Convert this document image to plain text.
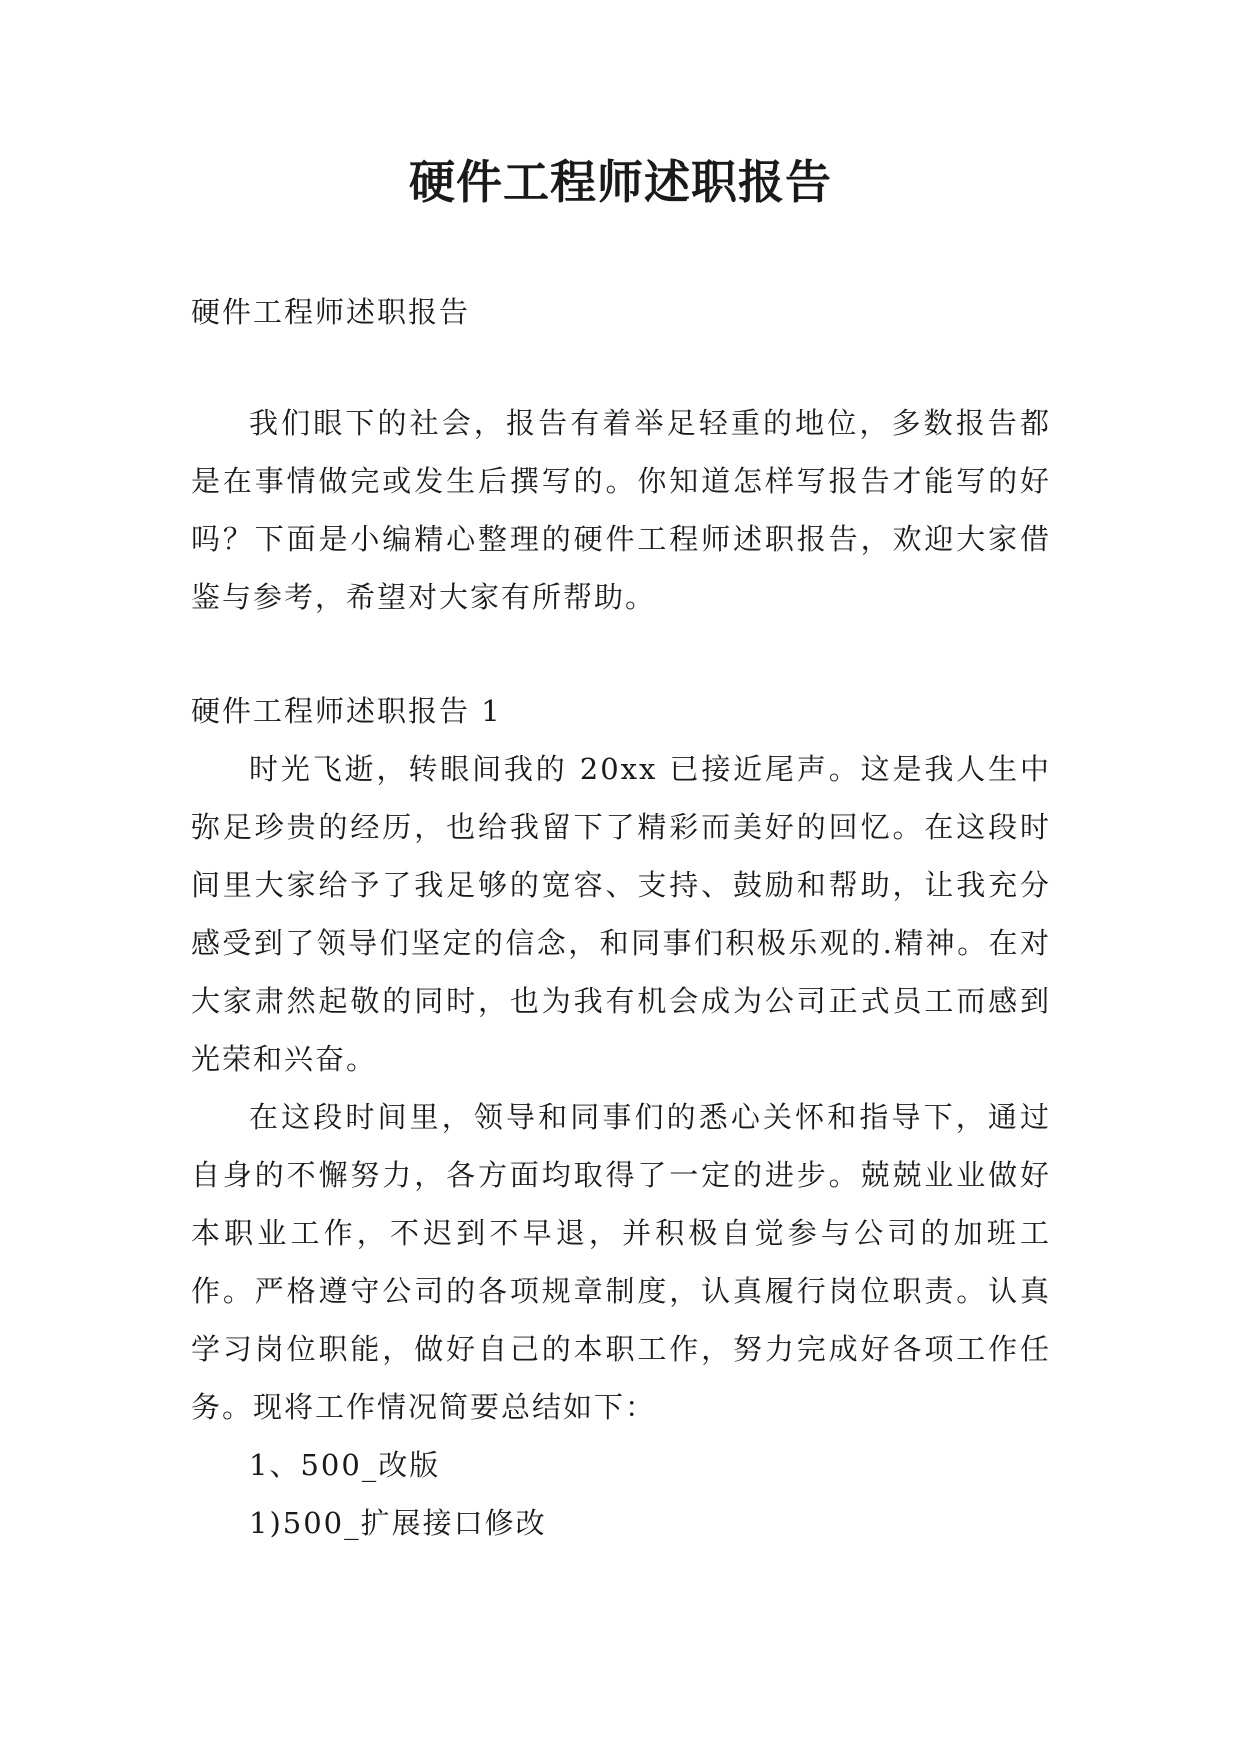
硬件工程师述职报告

硬件工程师述职报告

我们眼下的社会，报告有着举足轻重的地位，多数报告都是在事情做完或发生后撰写的。你知道怎样写报告才能写的好吗？下面是小编精心整理的硬件工程师述职报告，欢迎大家借鉴与参考，希望对大家有所帮助。

硬件工程师述职报告 1

时光飞逝，转眼间我的 20xx 已接近尾声。这是我人生中弥足珍贵的经历，也给我留下了精彩而美好的回忆。在这段时间里大家给予了我足够的宽容、支持、鼓励和帮助，让我充分感受到了领导们坚定的信念，和同事们积极乐观的.精神。在对大家肃然起敬的同时，也为我有机会成为公司正式员工而感到光荣和兴奋。

在这段时间里，领导和同事们的悉心关怀和指导下，通过自身的不懈努力，各方面均取得了一定的进步。兢兢业业做好本职业工作，不迟到不早退，并积极自觉参与公司的加班工作。严格遵守公司的各项规章制度，认真履行岗位职责。认真学习岗位职能，做好自己的本职工作，努力完成好各项工作任务。现将工作情况简要总结如下：

1、500_改版

1)500_扩展接口修改
